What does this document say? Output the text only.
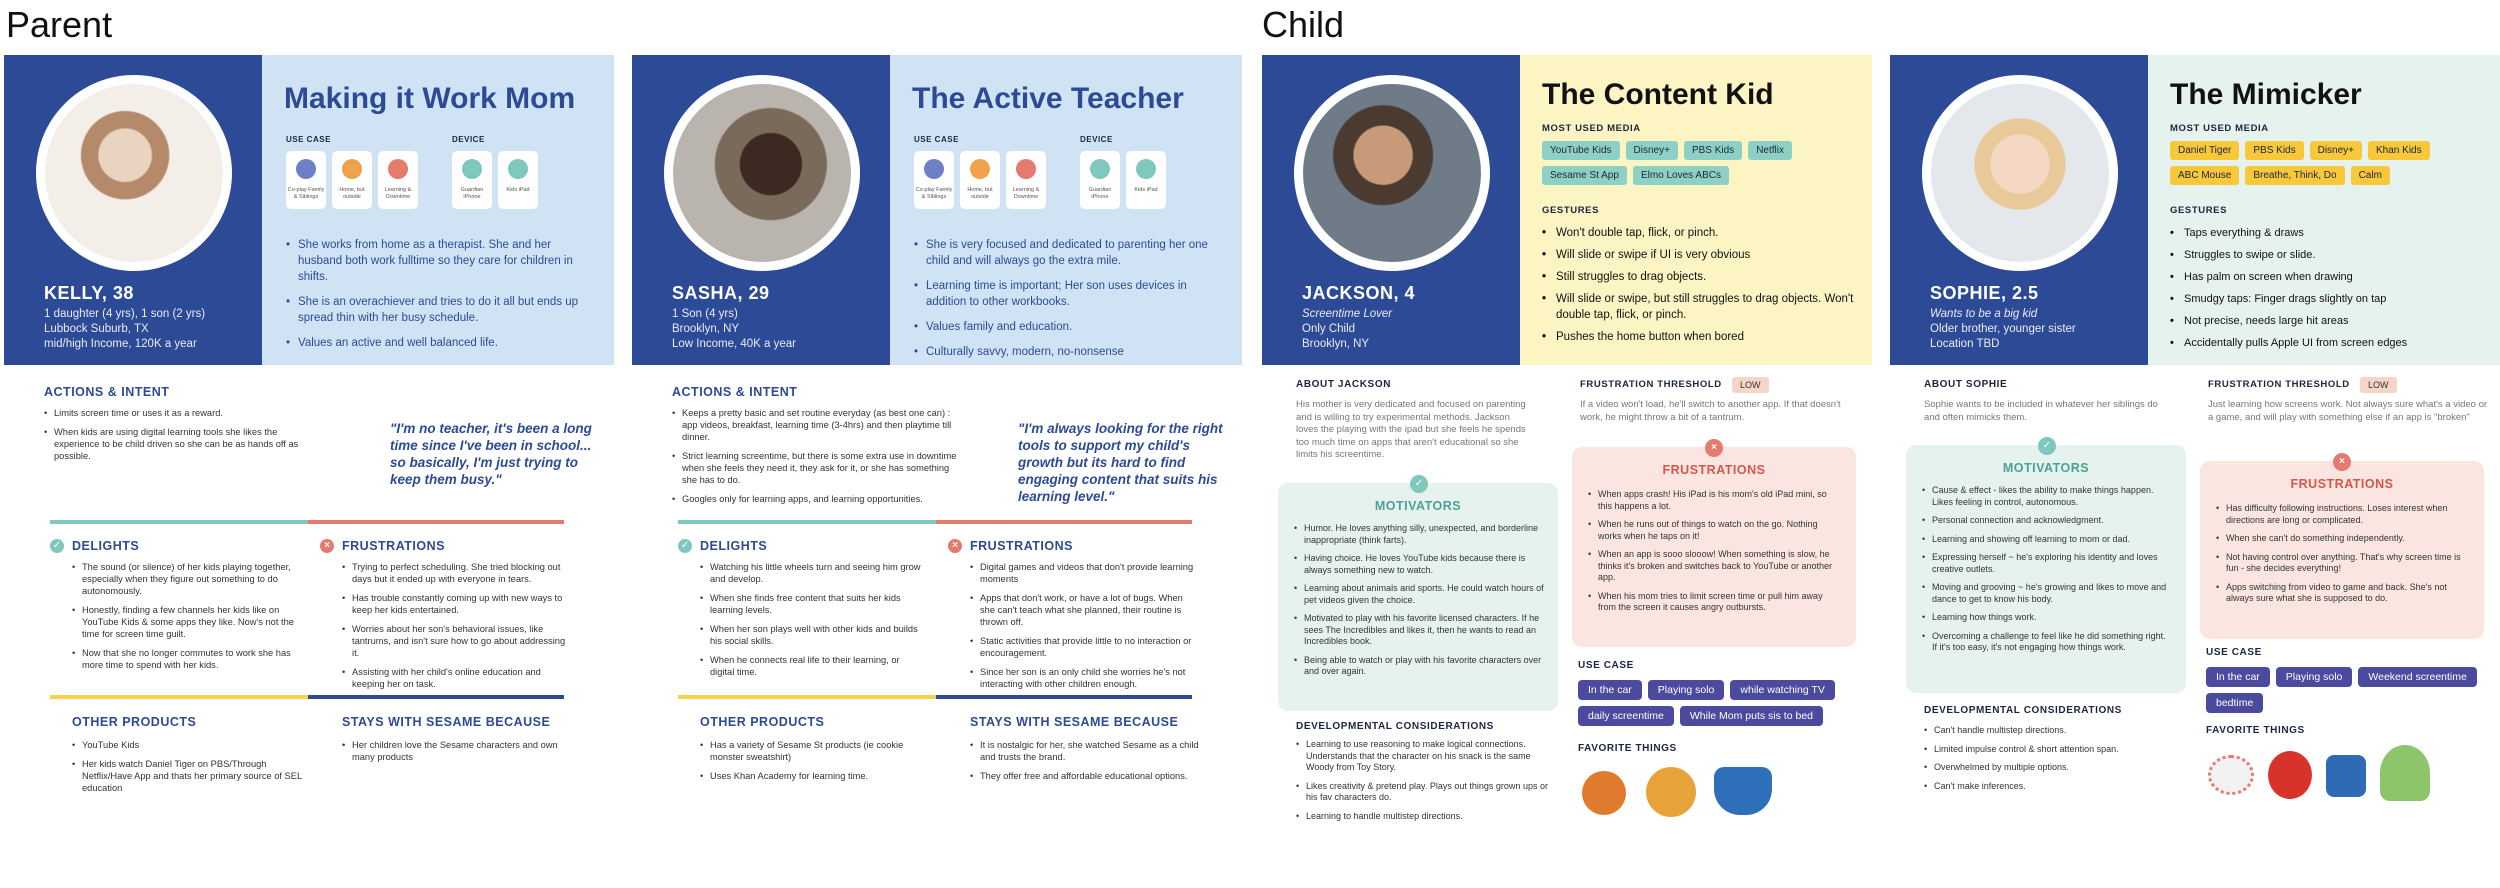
Parent	Child
KELLY, 38
1 daughter (4 yrs), 1 son (2 yrs)
Lubbock Suburb, TX
mid/high Income, 120K a year
Making it Work Mom
USE CASE	DEVICE
Co-play Family & Siblings
Home, but outside
Learning & Downtime
Guardian iPhone
Kids iPad
• She works from home as a therapist. She and her husband both work fulltime so they care for children in shifts.
• She is an overachiever and tries to do it all but ends up spread thin with her busy schedule.
• Values an active and well balanced life.
ACTIONS & INTENT
• Limits screen time or uses it as a reward.
• When kids are using digital learning tools she likes the experience to be child driven so she can be as hands off as possible.
"I'm no teacher, it's been a long time since I've been in school... so basically, I'm just trying to keep them busy."
✓ DELIGHTS
• The sound (or silence) of her kids playing together, especially when they figure out something to do autonomously.
• Honestly, finding a few channels her kids like on YouTube Kids & some apps they like. Now's not the time for screen time guilt.
• Now that she no longer commutes to work she has more time to spend with her kids.
× FRUSTRATIONS
• Trying to perfect scheduling. She tried blocking out days but it ended up with everyone in tears.
• Has trouble constantly coming up with new ways to keep her kids entertained.
• Worries about her son's behavioral issues, like tantrums, and isn't sure how to go about addressing it.
• Assisting with her child's online education and keeping her on task.
OTHER PRODUCTS
• YouTube Kids
• Her kids watch Daniel Tiger on PBS/Through Netflix/Have App and thats her primary source of SEL education
STAYS WITH SESAME BECAUSE
• Her children love the Sesame characters and own many products
SASHA, 29
1 Son (4 yrs)
Brooklyn, NY
Low Income, 40K a year
The Active Teacher
USE CASE	DEVICE
Co-play Family & Siblings
Home, but outside
Learning & Downtime
Guardian iPhone
Kids iPad
• She is very focused and dedicated to parenting her one child and will always go the extra mile.
• Learning time is important; Her son uses devices in addition to other workbooks.
• Values family and education.
• Culturally savvy, modern, no-nonsense
ACTIONS & INTENT
• Keeps a pretty basic and set routine everyday (as best one can) : app videos, breakfast, learning time (3-4hrs) and then playtime till dinner.
• Strict learning screentime, but there is some extra use in downtime when she feels they need it, they ask for it, or she has something she has to do.
• Googles only for learning apps, and learning opportunities.
"I'm always looking for the right tools to support my child's growth but its hard to find engaging content that suits his learning level."
✓ DELIGHTS
• Watching his little wheels turn and seeing him grow and develop.
• When she finds free content that suits her kids learning levels.
• When her son plays well with other kids and builds his social skills.
• When he connects real life to their learning, or digital time.
× FRUSTRATIONS
• Digital games and videos that don't provide learning moments
• Apps that don't work, or have a lot of bugs. When she can't teach what she planned, their routine is thrown off.
• Static activities that provide little to no interaction or encouragement.
• Since her son is an only child she worries he's not interacting with other children enough.
OTHER PRODUCTS
• Has a variety of Sesame St products (ie cookie monster sweatshirt)
• Uses Khan Academy for learning time.
STAYS WITH SESAME BECAUSE
• It is nostalgic for her, she watched Sesame as a child and trusts the brand.
• They offer free and affordable educational options.
JACKSON, 4
Screentime Lover
Only Child
Brooklyn, NY
The Content Kid
MOST USED MEDIA
YouTube Kids	Disney+	PBS Kids	Netflix
Sesame St App	Elmo Loves ABCs
GESTURES
• Won't double tap, flick, or pinch.
• Will slide or swipe if UI is very obvious
• Still struggles to drag objects.
• Will slide or swipe, but still struggles to drag objects. Won't double tap, flick, or pinch.
• Pushes the home button when bored
ABOUT JACKSON
His mother is very dedicated and focused on parenting and is willing to try experimental methods. Jackson loves the playing with the ipad but she feels he spends too much time on apps that aren't educational so she limits his screentime.
FRUSTRATION THRESHOLD	LOW
If a video won't load, he'll switch to another app. If that doesn't work, he might throw a bit of a tantrum.
✓
MOTIVATORS
• Humor. He loves anything silly, unexpected, and borderline inappropriate (think farts).
• Having choice. He loves YouTube kids because there is always something new to watch.
• Learning about animals and sports. He could watch hours of pet videos given the choice.
• Motivated to play with his favorite licensed characters. If he sees The Incredibles and likes it, then he wants to read an Incredibles book.
• Being able to watch or play with his favorite characters over and over again.
×
FRUSTRATIONS
• When apps crash! His iPad is his mom's old iPad mini, so this happens a lot.
• When he runs out of things to watch on the go. Nothing works when he taps on it!
• When an app is sooo slooow! When something is slow, he thinks it's broken and switches back to YouTube or another app.
• When his mom tries to limit screen time or pull him away from the screen it causes angry outbursts.
USE CASE
In the car	Playing solo	while watching TV
daily screentime	While Mom puts sis to bed
DEVELOPMENTAL CONSIDERATIONS
• Learning to use reasoning to make logical connections. Understands that the character on his snack is the same Woody from Toy Story.
• Likes creativity & pretend play. Plays out things grown ups or his fav characters do.
• Learning to handle multistep directions.
FAVORITE THINGS
SOPHIE, 2.5
Wants to be a big kid
Older brother, younger sister
Location TBD
The Mimicker
MOST USED MEDIA
Daniel Tiger	PBS Kids	Disney+	Khan Kids
ABC Mouse	Breathe, Think, Do	Calm
GESTURES
• Taps everything & draws
• Struggles to swipe or slide.
• Has palm on screen when drawing
• Smudgy taps: Finger drags slightly on tap
• Not precise, needs large hit areas
• Accidentally pulls Apple UI from screen edges
ABOUT SOPHIE
Sophie wants to be included in whatever her siblings do and often mimicks them.
FRUSTRATION THRESHOLD	LOW
Just learning how screens work. Not always sure what's a video or a game, and will play with something else if an app is "broken"
✓
MOTIVATORS
• Cause & effect - likes the ability to make things happen. Likes feeling in control, autonomous.
• Personal connection and acknowledgment.
• Learning and showing off learning to mom or dad.
• Expressing herself ~ he's exploring his identity and loves creative outlets.
• Moving and grooving ~ he's growing and likes to move and dance to get to know his body.
• Learning how things work.
• Overcoming a challenge to feel like he did something right. If it's too easy, it's not engaging how things work.
×
FRUSTRATIONS
• Has difficulty following instructions. Loses interest when directions are long or complicated.
• When she can't do something independently.
• Not having control over anything. That's why screen time is fun - she decides everything!
• Apps switching from video to game and back. She's not always sure what she is supposed to do.
USE CASE
In the car	Playing solo	Weekend screentime
bedtime
DEVELOPMENTAL CONSIDERATIONS
• Can't handle multistep directions.
• Limited impulse control & short attention span.
• Overwhelmed by multiple options.
• Can't make inferences.
FAVORITE THINGS
